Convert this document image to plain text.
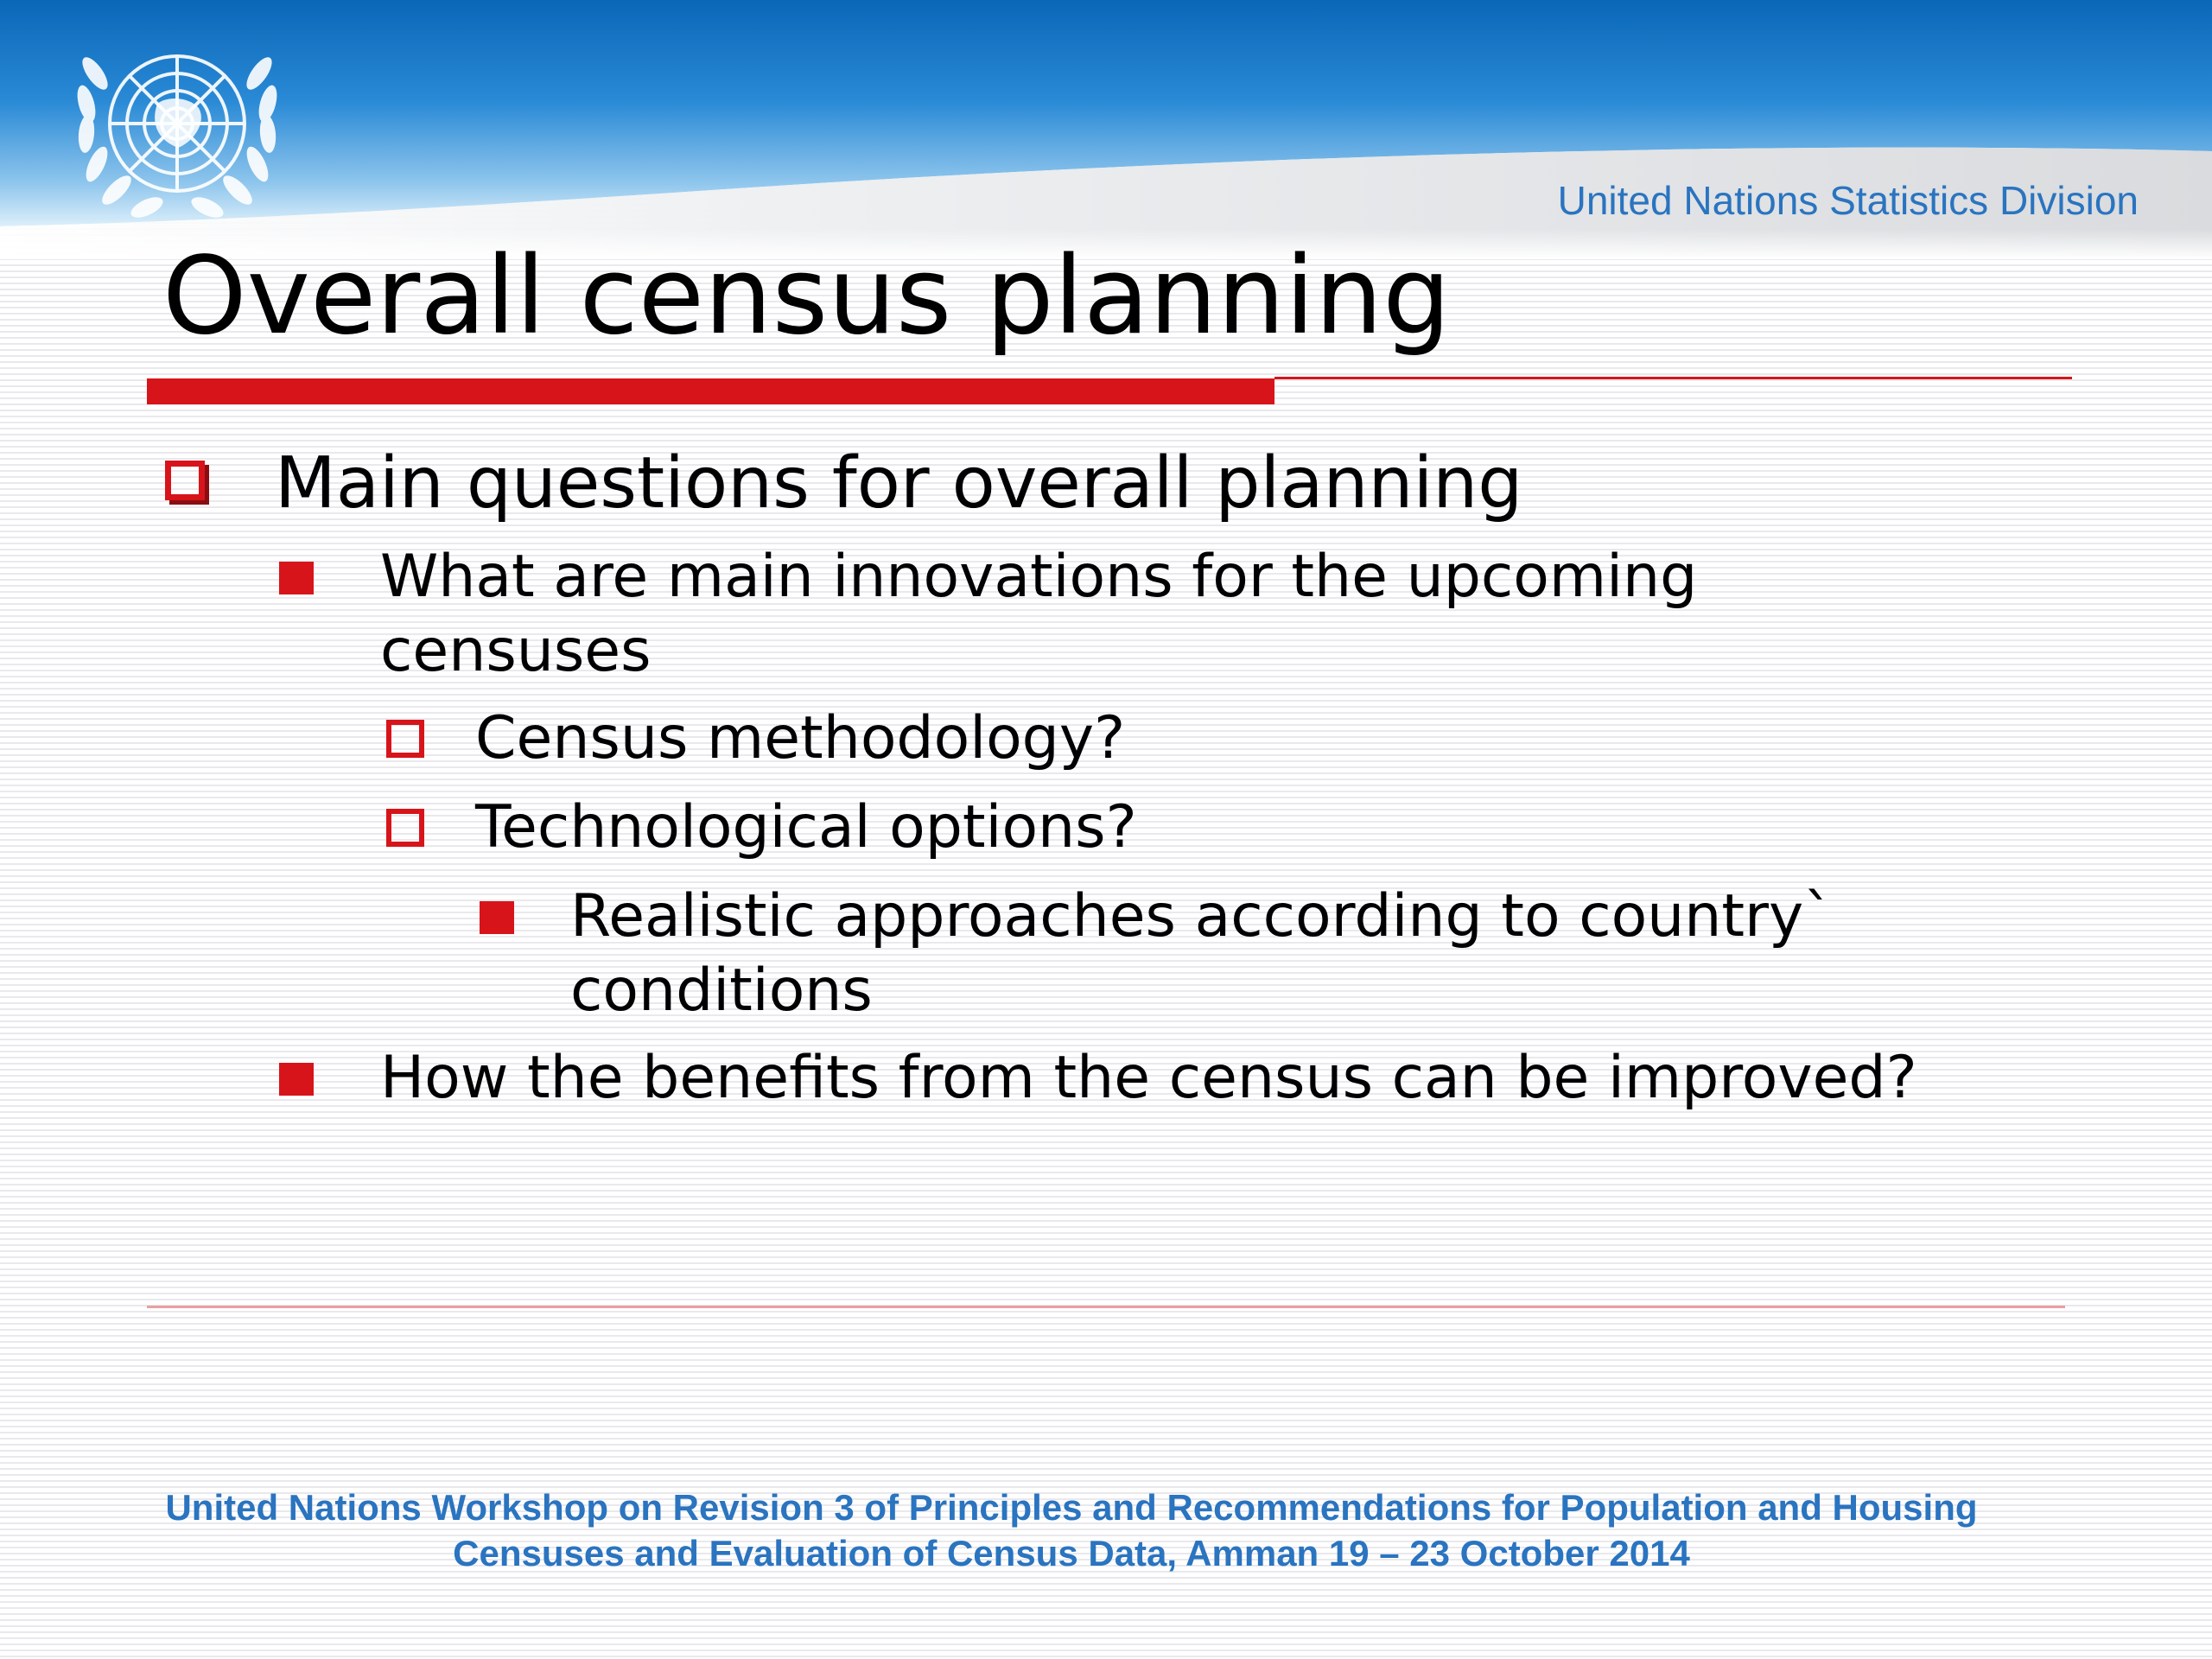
United Nations Statistics Division
Overall census planning
Main questions for overall planning
What are main innovations for the upcoming censuses
Census methodology?
Technological options?
Realistic approaches according to country` conditions
How the benefits from the census can be improved?
United Nations Workshop on Revision 3 of Principles and Recommendations for Population and Housing
Censuses and Evaluation of Census Data, Amman 19 – 23 October 2014
